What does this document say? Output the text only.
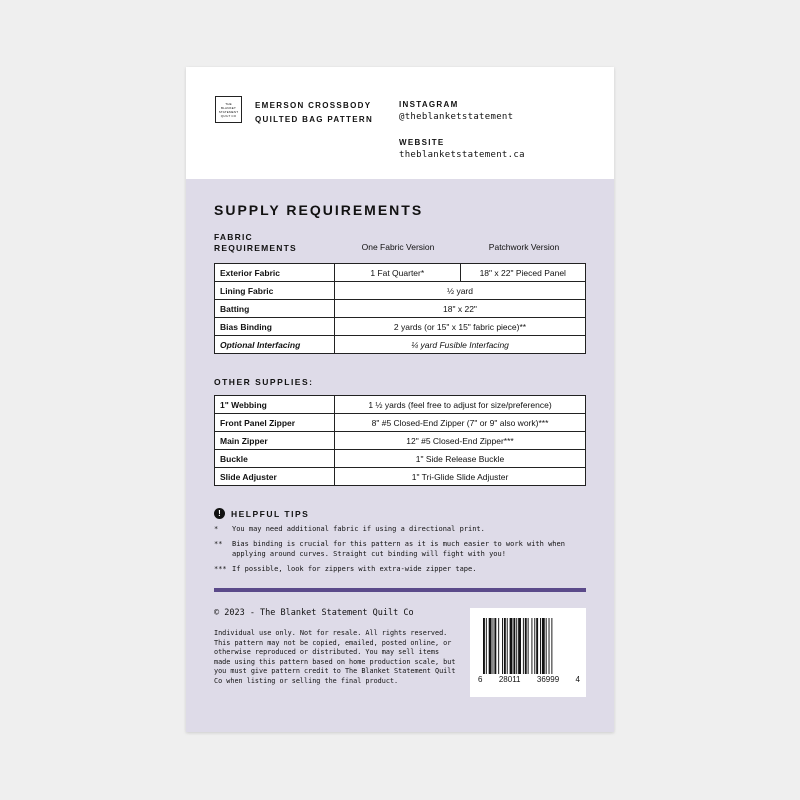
THE
BLANKET
STATEMENT
QUILT CO
EMERSON CROSSBODY
QUILTED BAG PATTERN
INSTAGRAM
@theblanketstatement
WEBSITE
theblanketstatement.ca
SUPPLY REQUIREMENTS
FABRIC
REQUIREMENTS	One Fabric Version	Patchwork Version
Exterior Fabric	1 Fat Quarter*	18" x 22" Pieced Panel
Lining Fabric	½ yard	
Batting	18" x 22"	
Bias Binding	2 yards (or 15" x 15" fabric piece)**	
Optional Interfacing	¼ yard Fusible Interfacing	
OTHER SUPPLIES:
1" Webbing	1 ½ yards (feel free to adjust for size/preference)
Front Panel Zipper	8" #5 Closed-End Zipper (7" or 9" also work)***
Main Zipper	12" #5 Closed-End Zipper***
Buckle	1" Side Release Buckle
Slide Adjuster	1" Tri-Glide Slide Adjuster
!	HELPFUL TIPS
*	You may need additional fabric if using a directional print.
**	Bias binding is crucial for this pattern as it is much easier to work with when applying around curves. Straight cut binding will fight with you!
*** If possible, look for zippers with extra-wide zipper tape.
© 2023 - The Blanket Statement Quilt Co
Individual use only. Not for resale. All rights reserved. This pattern may not be copied, emailed, posted online, or otherwise reproduced or distributed. You may sell items made using this pattern based on home production scale, but you must give pattern credit to The Blanket Statement Quilt Co when listing or selling the final product.	6 28011 36999 4
